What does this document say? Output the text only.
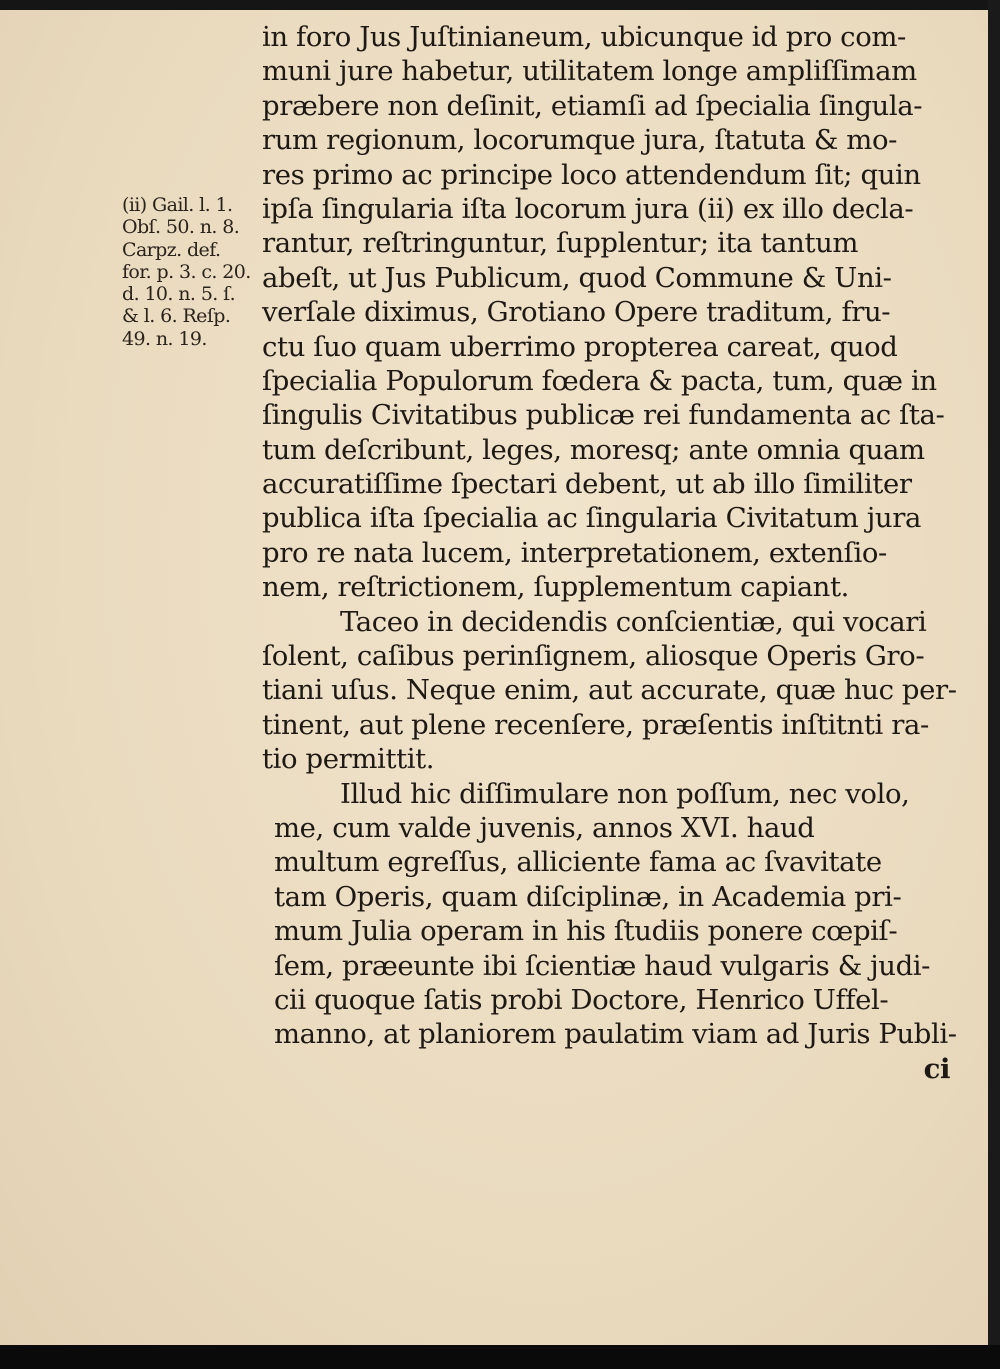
(ii) Gail. l. 1.
Obſ. 50. n. 8.
Carpz. def.
for. p. 3. c. 20.
d. 10. n. 5. ſ.
& l. 6. Reſp.
49. n. 19.
in foro Jus Juſtinianeum, ubicunque id pro com-
muni jure habetur, utilitatem longe ampliſſimam
præbere non deſinit, etiamſi ad ſpecialia ſingula-
rum regionum, locorumque jura, ſtatuta & mo-
res primo ac principe loco attendendum ſit; quin
ipſa ſingularia iſta locorum jura (ii) ex illo decla-
rantur, reſtringuntur, ſupplentur; ita tantum
abeſt, ut Jus Publicum, quod Commune & Uni-
verſale diximus, Grotiano Opere traditum, fru-
ctu ſuo quam uberrimo propterea careat, quod
ſpecialia Populorum fœdera & pacta, tum, quæ in
ſingulis Civitatibus publicæ rei fundamenta ac ſta-
tum deſcribunt, leges, moresq; ante omnia quam
accuratiſſime ſpectari debent, ut ab illo ſimiliter
publica iſta ſpecialia ac ſingularia Civitatum jura
pro re nata lucem, interpretationem, extenſio-
nem, reſtrictionem, ſupplementum capiant.
Taceo in decidendis conſcientiæ, qui vocari
ſolent, caſibus perinſignem, aliosque Operis Gro-
tiani uſus. Neque enim, aut accurate, quæ huc per-
tinent, aut plene recenſere, præſentis inſtitnti ra-
tio permittit.
Illud hic diſſimulare non poſſum, nec volo,
me, cum valde juvenis, annos XVI. haud
multum egreſſus, alliciente fama ac ſvavitate
tam Operis, quam diſciplinæ, in Academia pri-
mum Julia operam in his ſtudiis ponere cœpiſ-
ſem, præeunte ibi ſcientiæ haud vulgaris & judi-
cii quoque ſatis probi Doctore, Henrico Uffel-
manno, at planiorem paulatim viam ad Juris Publi-
ci
